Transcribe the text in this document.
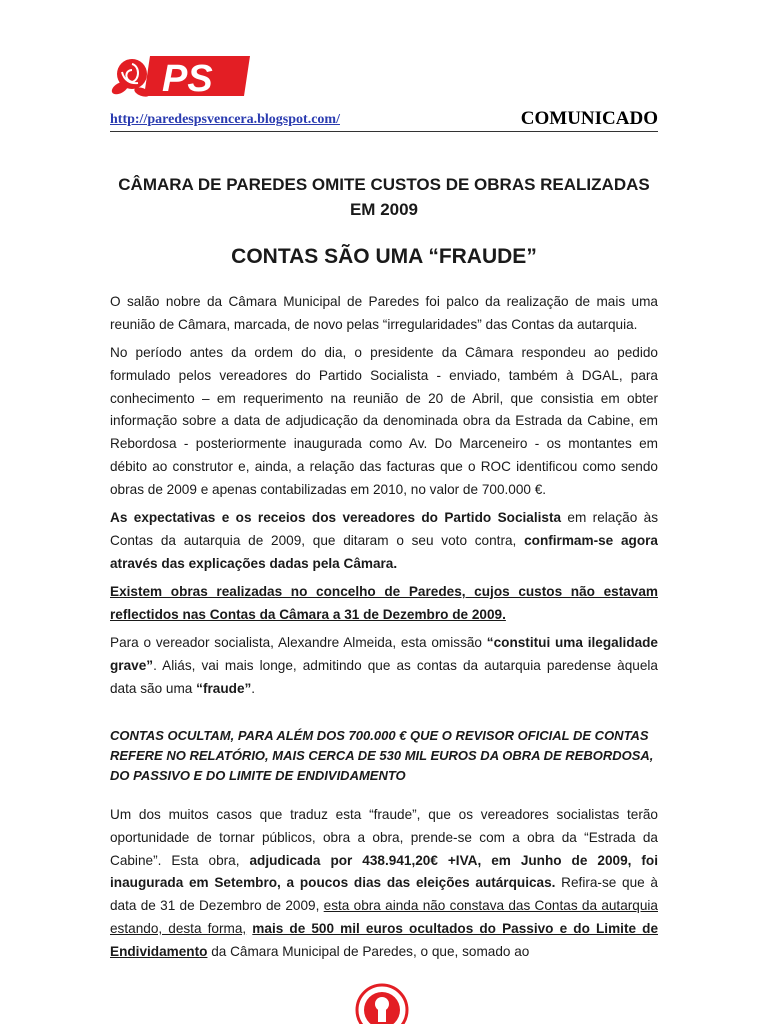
PS
http://paredespsvencera.blogspot.com/	COMUNICADO
CÂMARA DE PAREDES OMITE CUSTOS DE OBRAS REALIZADAS
EM 2009
CONTAS SÃO UMA “FRAUDE”

O salão nobre da Câmara Municipal de Paredes foi palco da realização de mais uma reunião de Câmara, marcada, de novo pelas “irregularidades” das Contas da autarquia.

No período antes da ordem do dia, o presidente da Câmara respondeu ao pedido formulado pelos vereadores do Partido Socialista - enviado, também à DGAL, para conhecimento – em requerimento na reunião de 20 de Abril, que consistia em obter informação sobre a data de adjudicação da denominada obra da Estrada da Cabine, em Rebordosa - posteriormente inaugurada como Av. Do Marceneiro - os montantes em débito ao construtor e, ainda, a relação das facturas que o ROC identificou como sendo obras de 2009 e apenas contabilizadas em 2010, no valor de 700.000 €.

As expectativas e os receios dos vereadores do Partido Socialista em relação às Contas da autarquia de 2009, que ditaram o seu voto contra, confirmam-se agora através das explicações dadas pela Câmara.

Existem obras realizadas no concelho de Paredes, cujos custos não estavam reflectidos nas Contas da Câmara a 31 de Dezembro de 2009.

Para o vereador socialista, Alexandre Almeida, esta omissão “constitui uma ilegalidade grave”. Aliás, vai mais longe, admitindo que as contas da autarquia paredense àquela data são uma “fraude”.

CONTAS OCULTAM, PARA ALÉM DOS 700.000 € QUE O REVISOR OFICIAL DE CONTAS REFERE NO RELATÓRIO, MAIS CERCA DE 530 MIL EUROS DA OBRA DE REBORDOSA, DO PASSIVO E DO LIMITE DE ENDIVIDAMENTO

Um dos muitos casos que traduz esta “fraude”, que os vereadores socialistas terão oportunidade de tornar públicos, obra a obra, prende-se com a obra da “Estrada da Cabine”. Esta obra, adjudicada por 438.941,20€ +IVA, em Junho de 2009, foi inaugurada em Setembro, a poucos dias das eleições autárquicas. Refira-se que à data de 31 de Dezembro de 2009, esta obra ainda não constava das Contas da autarquia estando, desta forma, mais de 500 mil euros ocultados do Passivo e do Limite de Endividamento da Câmara Municipal de Paredes, o que, somado ao
